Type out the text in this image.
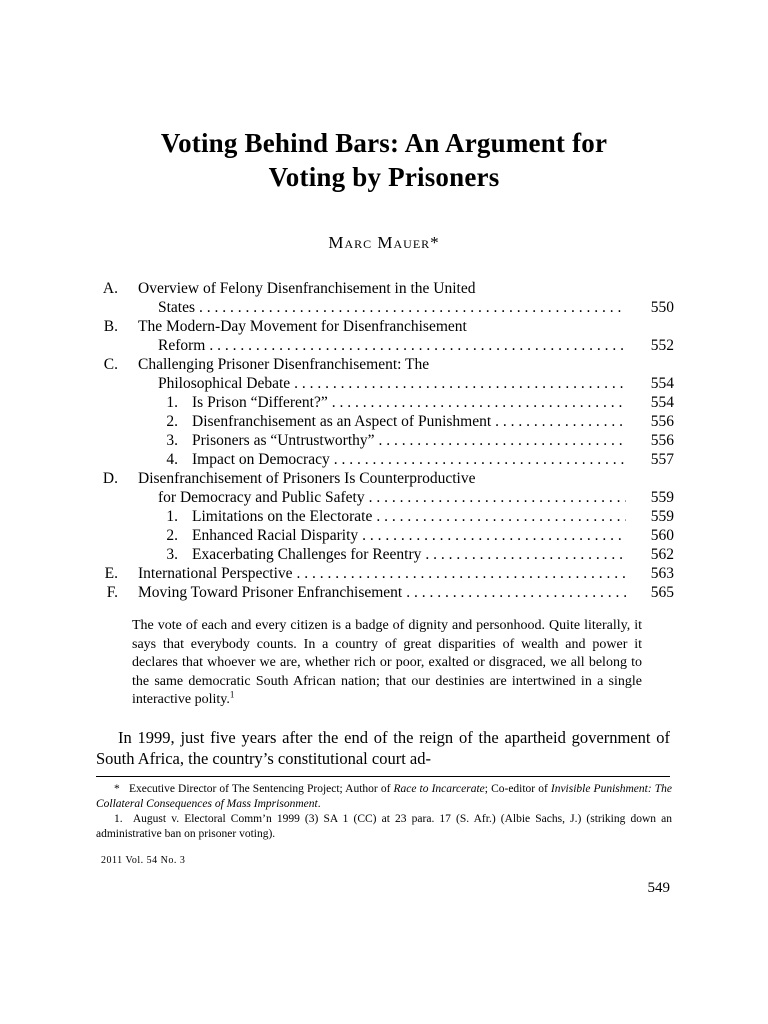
Voting Behind Bars: An Argument for
Voting by Prisoners
Marc Mauer*
A.	Overview of Felony Disenfranchisement in the United
States . . .	550
B.	The Modern-Day Movement for Disenfranchisement
Reform . . .	552
C.	Challenging Prisoner Disenfranchisement: The
Philosophical Debate . . .	554
1. Is Prison “Different?” . . .	554
2. Disenfranchisement as an Aspect of Punishment . . .	556
3. Prisoners as “Untrustworthy” . . .	556
4. Impact on Democracy . . .	557
D.	Disenfranchisement of Prisoners Is Counterproductive
for Democracy and Public Safety . . .	559
1. Limitations on the Electorate . . .	559
2. Enhanced Racial Disparity . . .	560
3. Exacerbating Challenges for Reentry . . .	562
E.	International Perspective . . .	563
F.	Moving Toward Prisoner Enfranchisement . . .	565
The vote of each and every citizen is a badge of dignity and personhood. Quite literally, it says that everybody counts. In a country of great disparities of wealth and power it declares that whoever we are, whether rich or poor, exalted or disgraced, we all belong to the same democratic South African nation; that our destinies are intertwined in a single interactive polity.$^1$
In 1999, just five years after the end of the reign of the apartheid government of South Africa, the country’s constitutional court ad-

* Executive Director of The Sentencing Project; Author of Race to Incarcerate; Co-editor of Invisible Punishment: The Collateral Consequences of Mass Imprisonment.

1. August v. Electoral Comm’n 1999 (3) SA 1 (CC) at 23 para. 17 (S. Afr.) (Albie Sachs, J.) (striking down an administrative ban on prisoner voting).

2011 Vol. 54 No. 3
549
